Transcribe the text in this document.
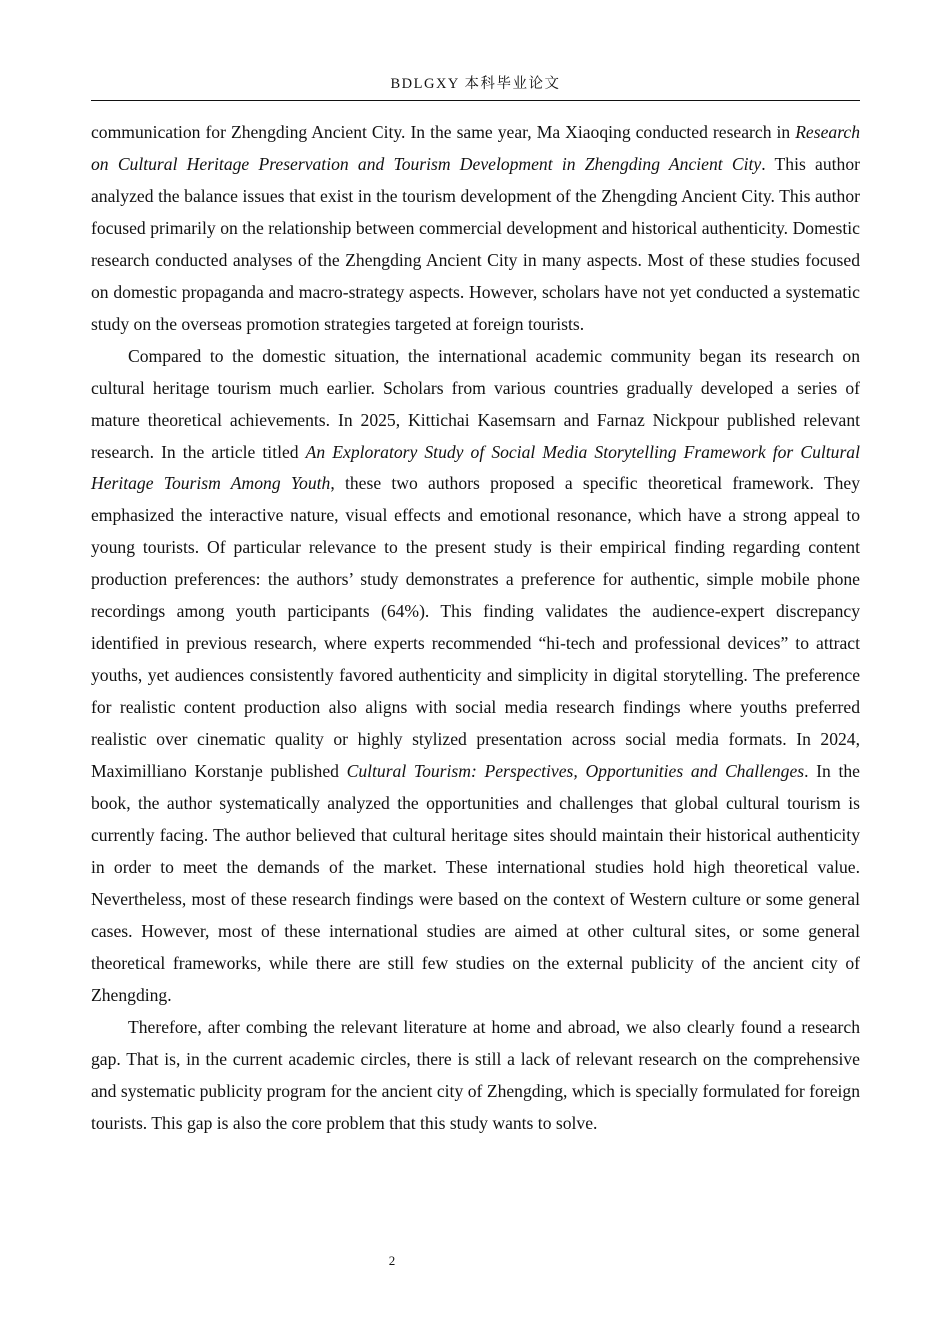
BDLGXY 本科毕业论文

communication for Zhengding Ancient City. In the same year, Ma Xiaoqing conducted research in Research on Cultural Heritage Preservation and Tourism Development in Zhengding Ancient City. This author analyzed the balance issues that exist in the tourism development of the Zhengding Ancient City. This author focused primarily on the relationship between commercial development and historical authenticity. Domestic research conducted analyses of the Zhengding Ancient City in many aspects. Most of these studies focused on domestic propaganda and macro-strategy aspects. However, scholars have not yet conducted a systematic study on the overseas promotion strategies targeted at foreign tourists.

Compared to the domestic situation, the international academic community began its research on cultural heritage tourism much earlier. Scholars from various countries gradually developed a series of mature theoretical achievements. In 2025, Kittichai Kasemsarn and Farnaz Nickpour published relevant research. In the article titled An Exploratory Study of Social Media Storytelling Framework for Cultural Heritage Tourism Among Youth, these two authors proposed a specific theoretical framework. They emphasized the interactive nature, visual effects and emotional resonance, which have a strong appeal to young tourists. Of particular relevance to the present study is their empirical finding regarding content production preferences: the authors’ study demonstrates a preference for authentic, simple mobile phone recordings among youth participants (64%). This finding validates the audience-expert discrepancy identified in previous research, where experts recommended “hi-tech and professional devices” to attract youths, yet audiences consistently favored authenticity and simplicity in digital storytelling. The preference for realistic content production also aligns with social media research findings where youths preferred realistic over cinematic quality or highly stylized presentation across social media formats. In 2024, Maximilliano Korstanje published Cultural Tourism: Perspectives, Opportunities and Challenges. In the book, the author systematically analyzed the opportunities and challenges that global cultural tourism is currently facing. The author believed that cultural heritage sites should maintain their historical authenticity in order to meet the demands of the market. These international studies hold high theoretical value. Nevertheless, most of these research findings were based on the context of Western culture or some general cases. However, most of these international studies are aimed at other cultural sites, or some general theoretical frameworks, while there are still few studies on the external publicity of the ancient city of Zhengding.

Therefore, after combing the relevant literature at home and abroad, we also clearly found a research gap. That is, in the current academic circles, there is still a lack of relevant research on the comprehensive and systematic publicity program for the ancient city of Zhengding, which is specially formulated for foreign tourists. This gap is also the core problem that this study wants to solve.

2
